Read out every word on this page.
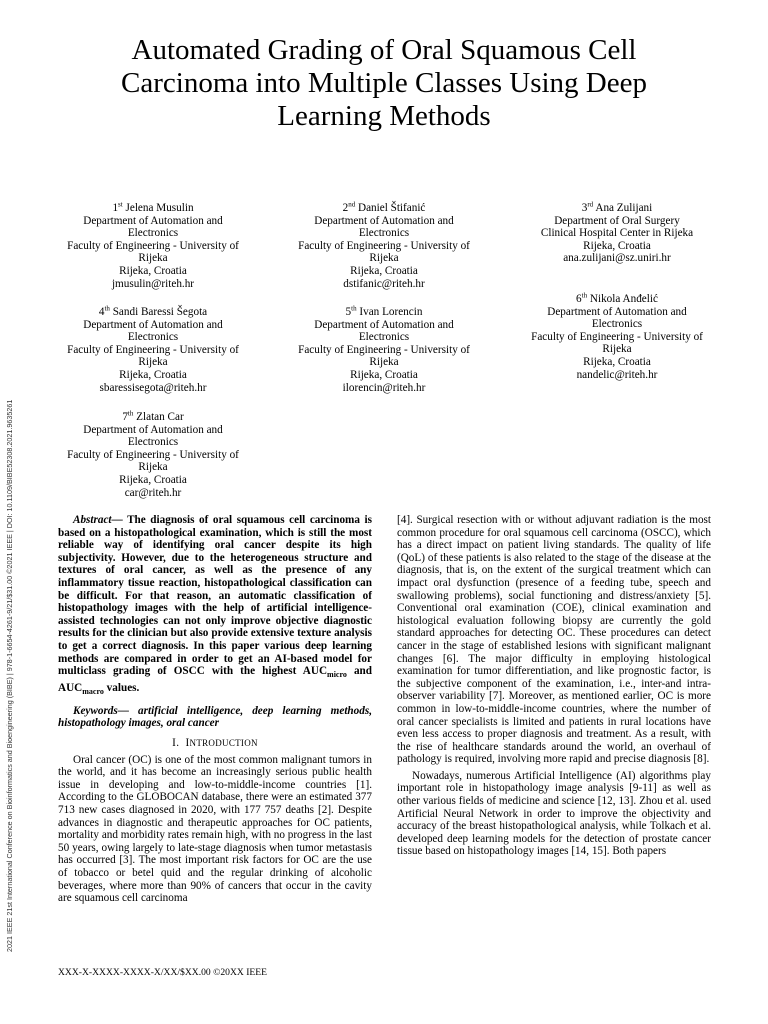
Automated Grading of Oral Squamous Cell
Carcinoma into Multiple Classes Using Deep
Learning Methods
2021 IEEE 21st International Conference on Bioinformatics and Bioengineering (BIBE) | 978-1-6654-4261-9/21/$31.00 ©2021 IEEE | DOI: 10.1109/BIBE52308.2021.9635261
1st Jelena Musulin
Department of Automation and
Electronics
Faculty of Engineering - University of
Rijeka
Rijeka, Croatia
jmusulin@riteh.hr
2nd Daniel Štifanić
Department of Automation and
Electronics
Faculty of Engineering - University of
Rijeka
Rijeka, Croatia
dstifanic@riteh.hr
3rd Ana Zulijani
Department of Oral Surgery
Clinical Hospital Center in Rijeka
Rijeka, Croatia
ana.zulijani@sz.uniri.hr
4th Sandi Baressi Šegota
Department of Automation and
Electronics
Faculty of Engineering - University of
Rijeka
Rijeka, Croatia
sbaressisegota@riteh.hr
5th Ivan Lorencin
Department of Automation and
Electronics
Faculty of Engineering - University of
Rijeka
Rijeka, Croatia
ilorencin@riteh.hr
6th Nikola Anđelić
Department of Automation and
Electronics
Faculty of Engineering - University of
Rijeka
Rijeka, Croatia
nandelic@riteh.hr
7th Zlatan Car
Department of Automation and
Electronics
Faculty of Engineering - University of
Rijeka
Rijeka, Croatia
car@riteh.hr

Abstract— The diagnosis of oral squamous cell carcinoma is based on a histopathological examination, which is still the most reliable way of identifying oral cancer despite its high subjectivity. However, due to the heterogeneous structure and textures of oral cancer, as well as the presence of any inflammatory tissue reaction, histopathological classification can be difficult. For that reason, an automatic classification of histopathology images with the help of artificial intelligence-assisted technologies can not only improve objective diagnostic results for the clinician but also provide extensive texture analysis to get a correct diagnosis. In this paper various deep learning methods are compared in order to get an AI-based model for multiclass grading of OSCC with the highest $AUC_{micro}$ and $AUC_{macro}$ values.

Keywords— artificial intelligence, deep learning methods, histopathology images, oral cancer

I. INTRODUCTION

Oral cancer (OC) is one of the most common malignant tumors in the world, and it has become an increasingly serious public health issue in developing and low-to-middle-income countries [1]. According to the GLOBOCAN database, there were an estimated 377 713 new cases diagnosed in 2020, with 177 757 deaths [2]. Despite advances in diagnostic and therapeutic approaches for OC patients, mortality and morbidity rates remain high, with no progress in the last 50 years, owing largely to late-stage diagnosis when tumor metastasis has occurred [3]. The most important risk factors for OC are the use of tobacco or betel quid and the regular drinking of alcoholic beverages, where more than 90% of cancers that occur in the cavity are squamous cell carcinoma

[4]. Surgical resection with or without adjuvant radiation is the most common procedure for oral squamous cell carcinoma (OSCC), which has a direct impact on patient living standards. The quality of life (QoL) of these patients is also related to the stage of the disease at the diagnosis, that is, on the extent of the surgical treatment which can impact oral dysfunction (presence of a feeding tube, speech and swallowing problems), social functioning and distress/anxiety [5]. Conventional oral examination (COE), clinical examination and histological evaluation following biopsy are currently the gold standard approaches for detecting OC. These procedures can detect cancer in the stage of established lesions with significant malignant changes [6]. The major difficulty in employing histological examination for tumor differentiation, and like prognostic factor, is the subjective component of the examination, i.e., inter-and intra-observer variability [7]. Moreover, as mentioned earlier, OC is more common in low-to-middle-income countries, where the number of oral cancer specialists is limited and patients in rural locations have even less access to proper diagnosis and treatment. As a result, with the rise of healthcare standards around the world, an overhaul of pathology is required, involving more rapid and precise diagnosis [8].

Nowadays, numerous Artificial Intelligence (AI) algorithms play important role in histopathology image analysis [9-11] as well as other various fields of medicine and science [12, 13]. Zhou et al. used Artificial Neural Network in order to improve the objectivity and accuracy of the breast histopathological analysis, while Tolkach et al. developed deep learning models for the detection of prostate cancer tissue based on histopathology images [14, 15]. Both papers

XXX-X-XXXX-XXXX-X/XX/$XX.00 ©20XX IEEE
